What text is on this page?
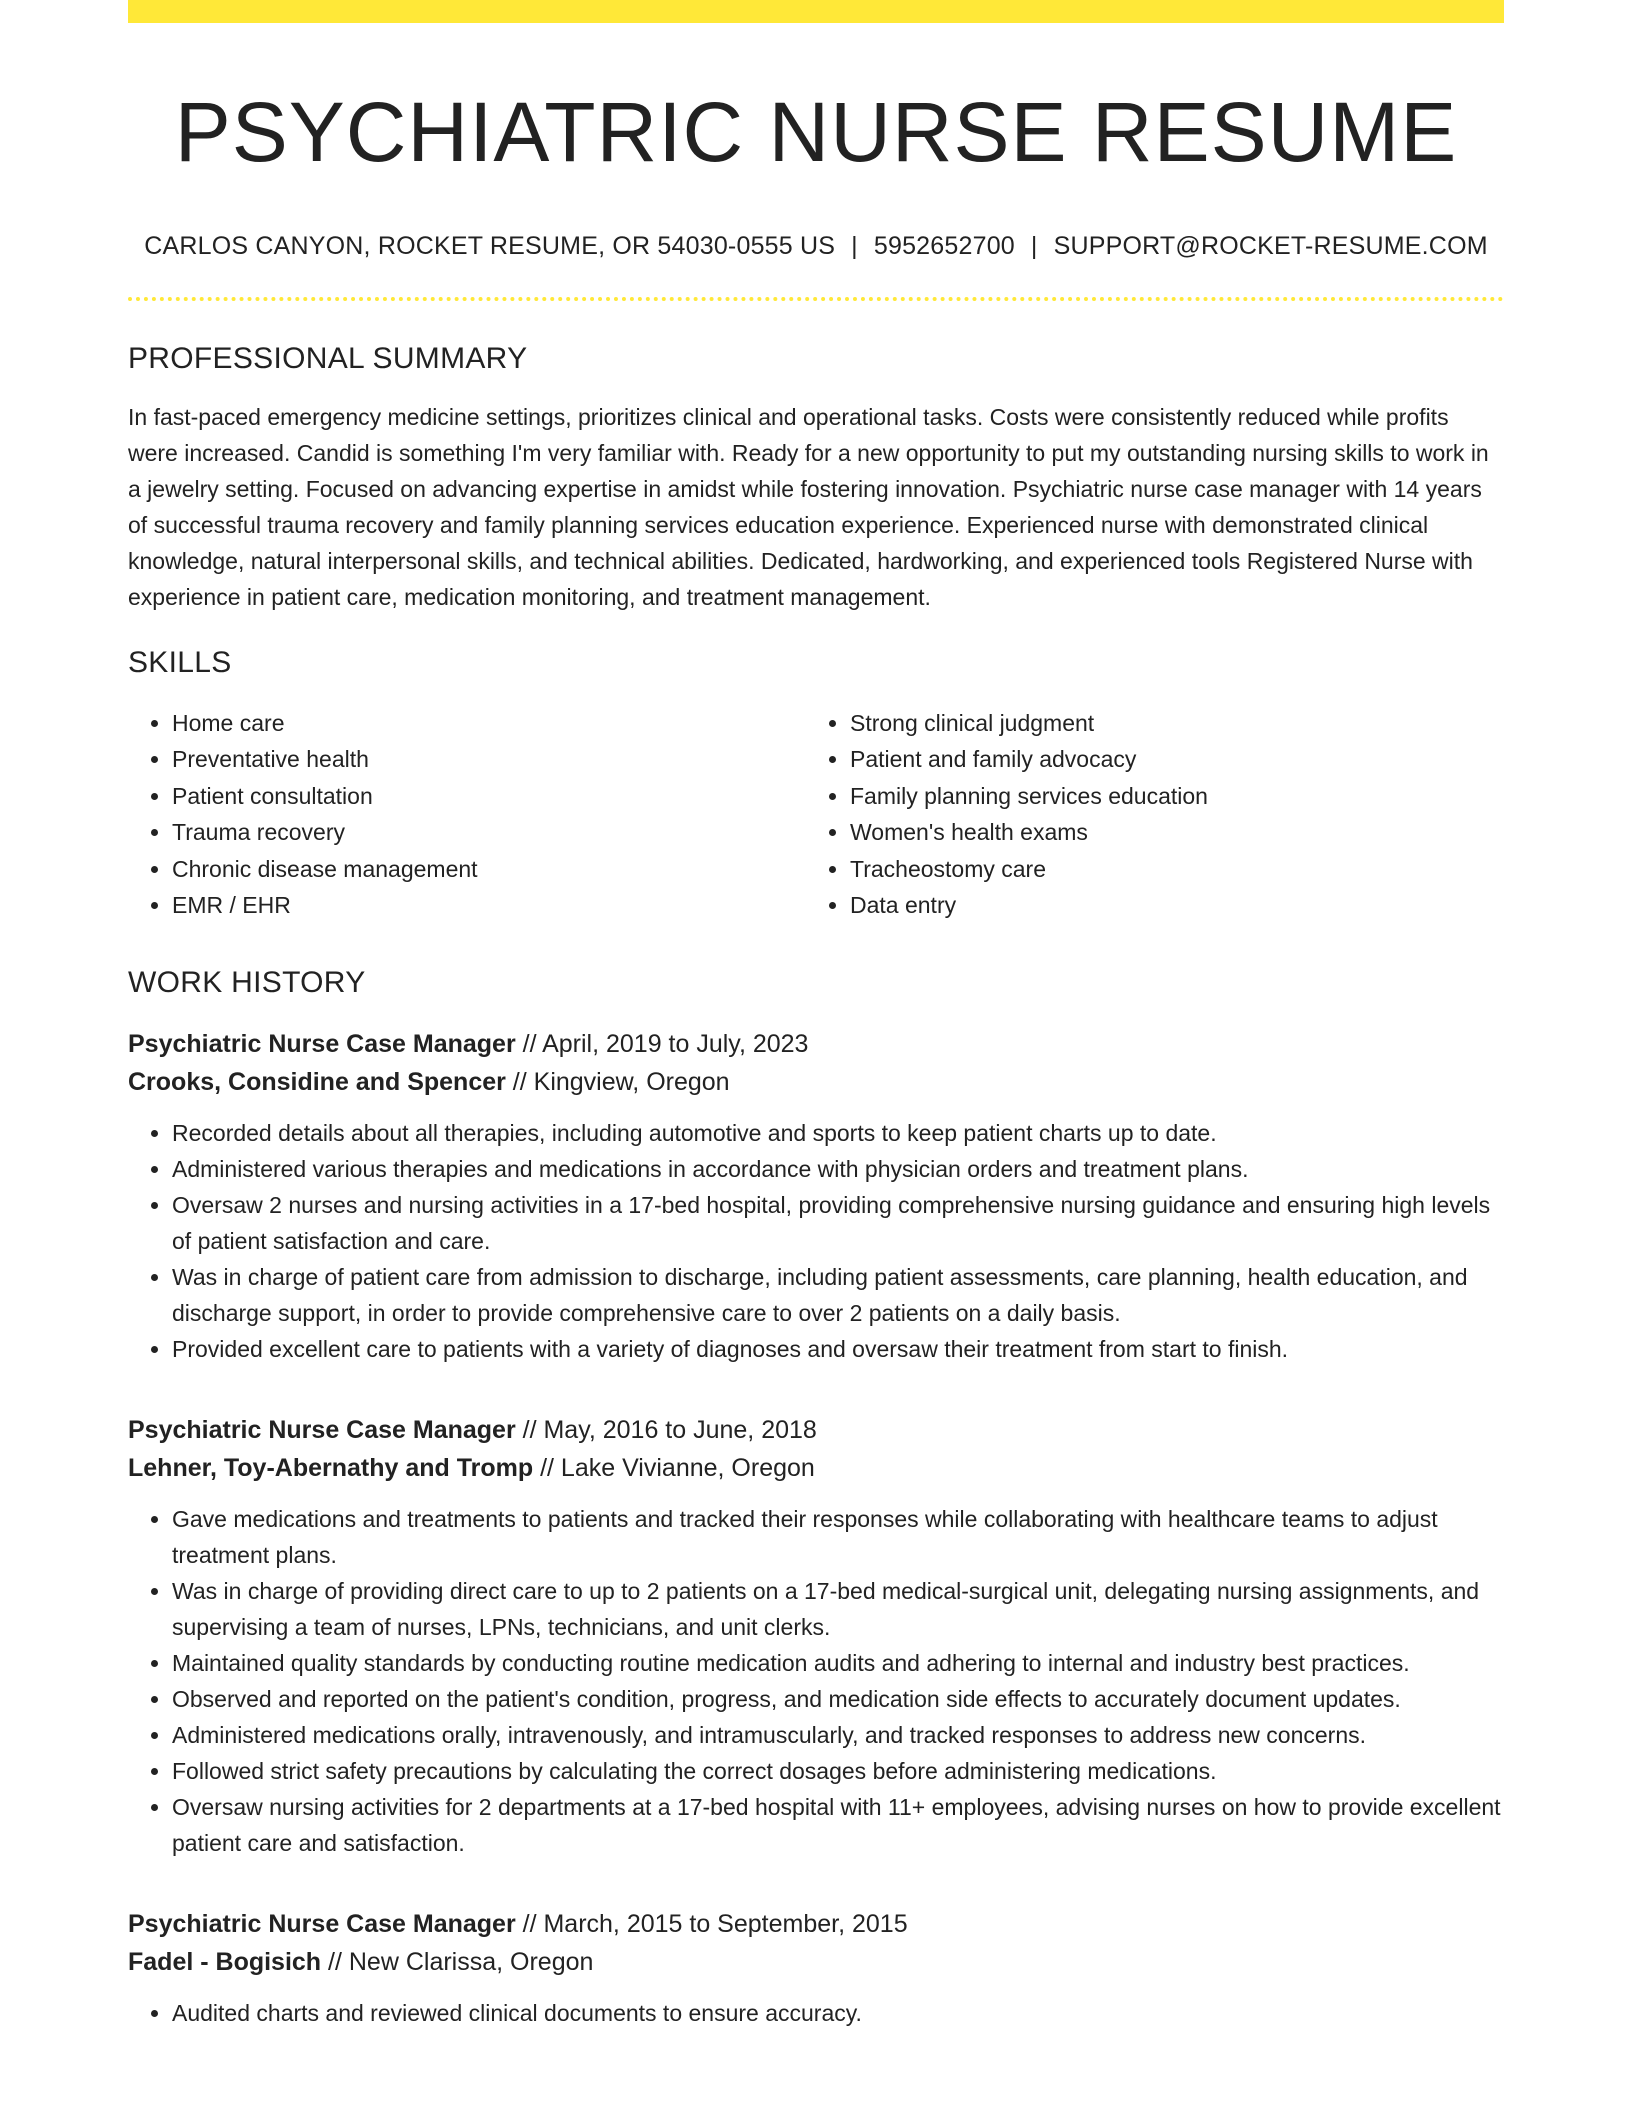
PSYCHIATRIC NURSE RESUME
CARLOS CANYON, ROCKET RESUME, OR 54030-0555 US | 5952652700 | SUPPORT@ROCKET-RESUME.COM
PROFESSIONAL SUMMARY
In fast-paced emergency medicine settings, prioritizes clinical and operational tasks. Costs were consistently reduced while profits were increased. Candid is something I'm very familiar with. Ready for a new opportunity to put my outstanding nursing skills to work in a jewelry setting. Focused on advancing expertise in amidst while fostering innovation. Psychiatric nurse case manager with 14 years of successful trauma recovery and family planning services education experience. Experienced nurse with demonstrated clinical knowledge, natural interpersonal skills, and technical abilities. Dedicated, hardworking, and experienced tools Registered Nurse with experience in patient care, medication monitoring, and treatment management.
SKILLS
• Home care
• Preventative health
• Patient consultation
• Trauma recovery
• Chronic disease management
• EMR / EHR
• Strong clinical judgment
• Patient and family advocacy
• Family planning services education
• Women's health exams
• Tracheostomy care
• Data entry
WORK HISTORY
Psychiatric Nurse Case Manager // April, 2019 to July, 2023
Crooks, Considine and Spencer // Kingview, Oregon
• Recorded details about all therapies, including automotive and sports to keep patient charts up to date.
• Administered various therapies and medications in accordance with physician orders and treatment plans.
• Oversaw 2 nurses and nursing activities in a 17-bed hospital, providing comprehensive nursing guidance and ensuring high levels of patient satisfaction and care.
• Was in charge of patient care from admission to discharge, including patient assessments, care planning, health education, and discharge support, in order to provide comprehensive care to over 2 patients on a daily basis.
• Provided excellent care to patients with a variety of diagnoses and oversaw their treatment from start to finish.
Psychiatric Nurse Case Manager // May, 2016 to June, 2018
Lehner, Toy-Abernathy and Tromp // Lake Vivianne, Oregon
• Gave medications and treatments to patients and tracked their responses while collaborating with healthcare teams to adjust treatment plans.
• Was in charge of providing direct care to up to 2 patients on a 17-bed medical-surgical unit, delegating nursing assignments, and supervising a team of nurses, LPNs, technicians, and unit clerks.
• Maintained quality standards by conducting routine medication audits and adhering to internal and industry best practices.
• Observed and reported on the patient's condition, progress, and medication side effects to accurately document updates.
• Administered medications orally, intravenously, and intramuscularly, and tracked responses to address new concerns.
• Followed strict safety precautions by calculating the correct dosages before administering medications.
• Oversaw nursing activities for 2 departments at a 17-bed hospital with 11+ employees, advising nurses on how to provide excellent patient care and satisfaction.
Psychiatric Nurse Case Manager // March, 2015 to September, 2015
Fadel - Bogisich // New Clarissa, Oregon
• Audited charts and reviewed clinical documents to ensure accuracy.
